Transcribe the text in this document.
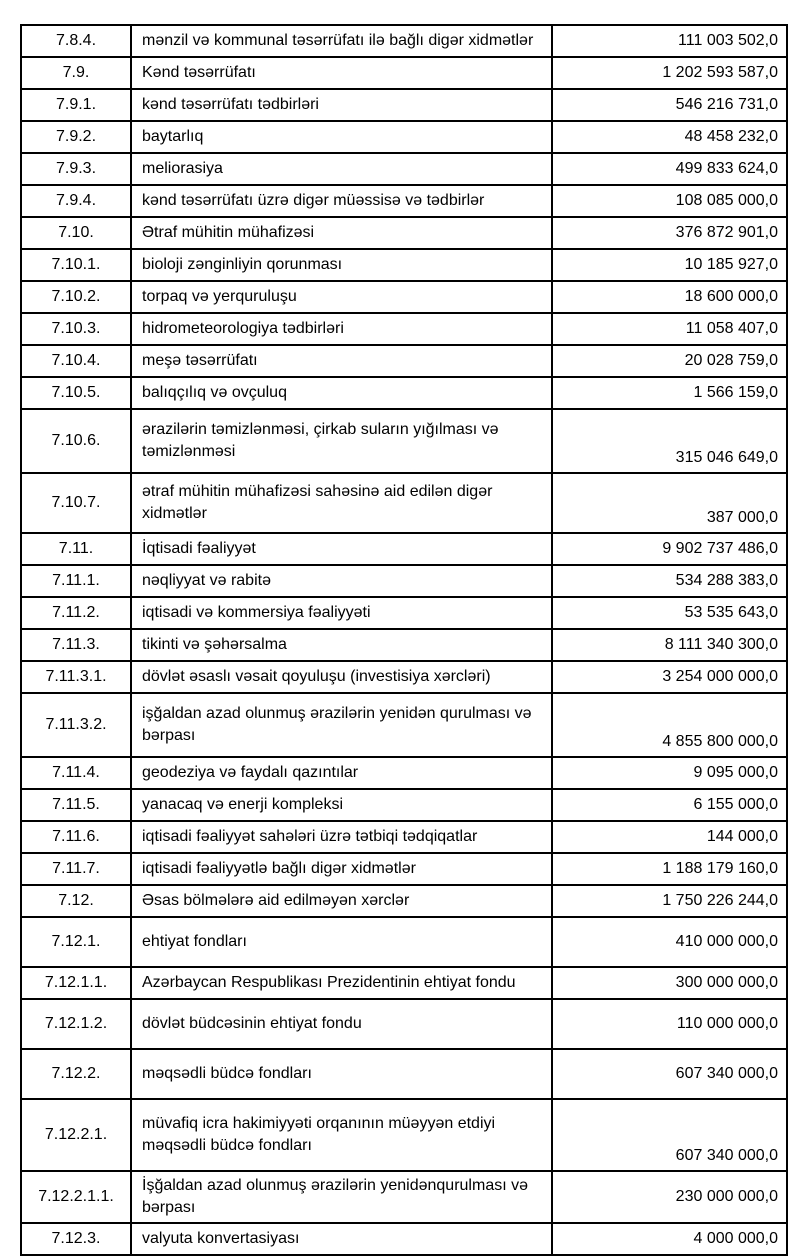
7.8.4.	mənzil və kommunal təsərrüfatı ilə bağlı digər xidmətlər	111 003 502,0
7.9.	Kənd təsərrüfatı	1 202 593 587,0
7.9.1.	kənd təsərrüfatı tədbirləri	546 216 731,0
7.9.2.	baytarlıq	48 458 232,0
7.9.3.	meliorasiya	499 833 624,0
7.9.4.	kənd təsərrüfatı üzrə digər müəssisə və tədbirlər	108 085 000,0
7.10.	Ətraf mühitin mühafizəsi	376 872 901,0
7.10.1.	bioloji zənginliyin qorunması	10 185 927,0
7.10.2.	torpaq və yerquruluşu	18 600 000,0
7.10.3.	hidrometeorologiya tədbirləri	11 058 407,0
7.10.4.	meşə təsərrüfatı	20 028 759,0
7.10.5.	balıqçılıq və ovçuluq	1 566 159,0
7.10.6.	ərazilərin təmizlənməsi, çirkab suların yığılması və təmizlənməsi	315 046 649,0
7.10.7.	ətraf mühitin mühafizəsi sahəsinə aid edilən digər xidmətlər	387 000,0
7.11.	İqtisadi fəaliyyət	9 902 737 486,0
7.11.1.	nəqliyyat və rabitə	534 288 383,0
7.11.2.	iqtisadi və kommersiya fəaliyyəti	53 535 643,0
7.11.3.	tikinti və şəhərsalma	8 111 340 300,0
7.11.3.1.	dövlət əsaslı vəsait qoyuluşu (investisiya xərcləri)	3 254 000 000,0
7.11.3.2.	işğaldan azad olunmuş ərazilərin yenidən qurulması və bərpası	4 855 800 000,0
7.11.4.	geodeziya və faydalı qazıntılar	9 095 000,0
7.11.5.	yanacaq və enerji kompleksi	6 155 000,0
7.11.6.	iqtisadi fəaliyyət sahələri üzrə tətbiqi tədqiqatlar	144 000,0
7.11.7.	iqtisadi fəaliyyətlə bağlı digər xidmətlər	1 188 179 160,0
7.12.	Əsas bölmələrə aid edilməyən xərclər	1 750 226 244,0
7.12.1.	ehtiyat fondları	410 000 000,0
7.12.1.1.	Azərbaycan Respublikası Prezidentinin ehtiyat fondu	300 000 000,0
7.12.1.2.	dövlət büdcəsinin ehtiyat fondu	110 000 000,0
7.12.2.	məqsədli büdcə fondları	607 340 000,0
7.12.2.1.	müvafiq icra hakimiyyəti orqanının müəyyən etdiyi məqsədli büdcə fondları	607 340 000,0
7.12.2.1.1.	İşğaldan azad olunmuş ərazilərin yenidənqurulması və bərpası	230 000 000,0
7.12.3.	valyuta konvertasiyası	4 000 000,0
